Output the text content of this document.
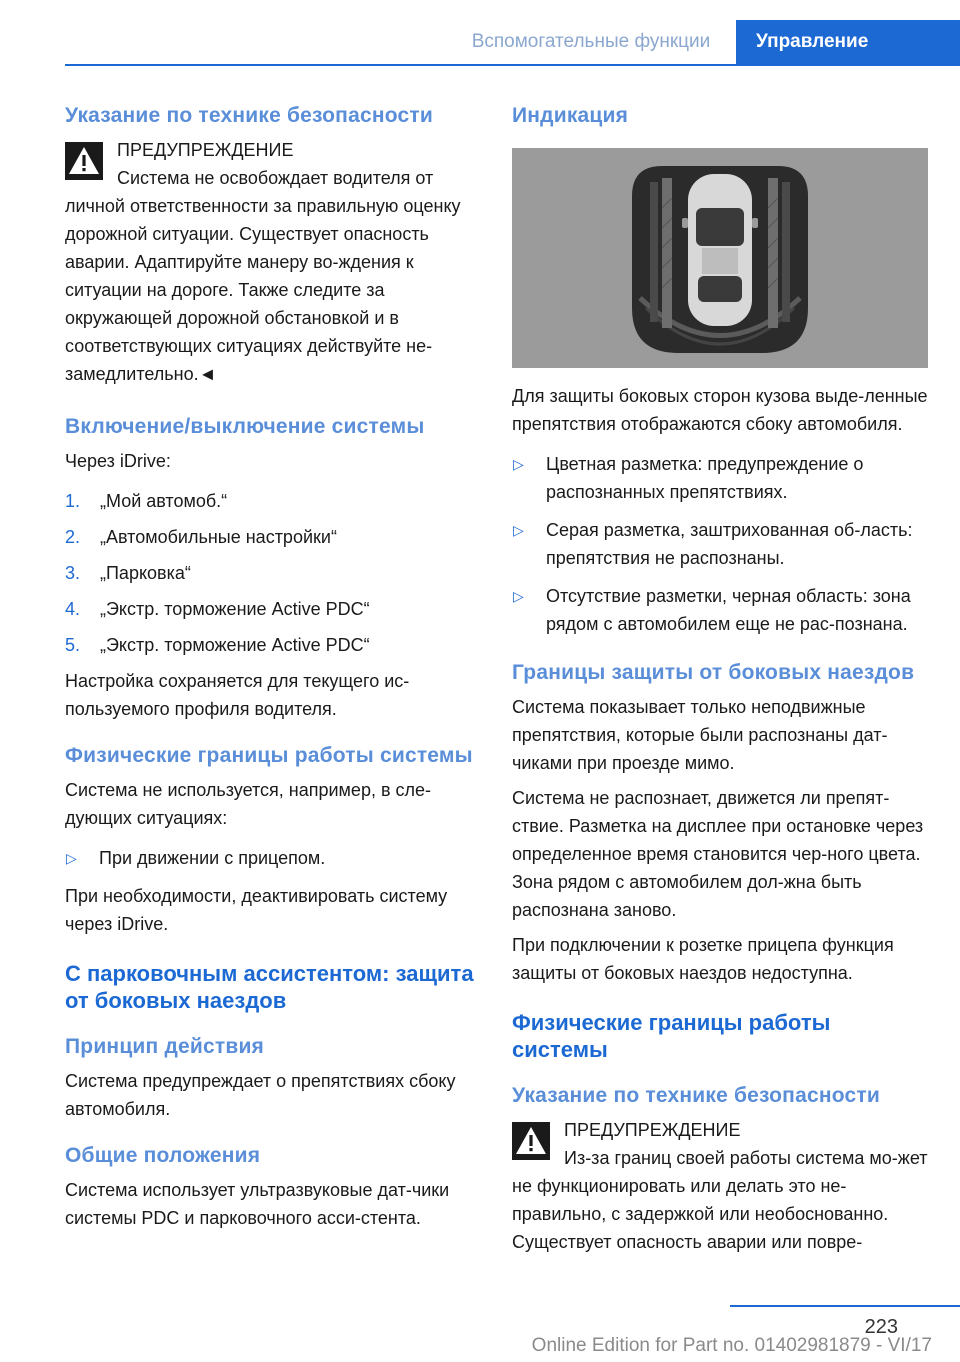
Вспомогательные функции	Управление
Указание по технике безопасности
ПРЕДУПРЕЖДЕНИЕ
Система не освобождает водителя от личной ответственности за правильную оценку дорожной ситуации. Существует опасность аварии. Адаптируйте манеру во-ждения к ситуации на дороге. Также следите за окружающей дорожной обстановкой и в соответствующих ситуациях действуйте не-замедлительно.◄
Включение/выключение системы
Через iDrive:
1. „Мой автомоб.“
2. „Автомобильные настройки“
3. „Парковка“
4. „Экстр. торможение Active PDC“
5. „Экстр. торможение Active PDC“
Настройка сохраняется для текущего ис-пользуемого профиля водителя.
Физические границы работы системы
Система не используется, например, в сле-дующих ситуациях:
▷ При движении с прицепом.
При необходимости, деактивировать систему через iDrive.
С парковочным ассистентом: защита от боковых наездов
Принцип действия
Система предупреждает о препятствиях сбоку автомобиля.
Общие положения
Система использует ультразвуковые дат-чики системы PDC и парковочного асси-стента.
Индикация
Для защиты боковых сторон кузова выде-ленные препятствия отображаются сбоку автомобиля.
▷ Цветная разметка: предупреждение о распознанных препятствиях.
▷ Серая разметка, заштрихованная об-ласть: препятствия не распознаны.
▷ Отсутствие разметки, черная область: зона рядом с автомобилем еще не рас-познана.
Границы защиты от боковых наездов
Система показывает только неподвижные препятствия, которые были распознаны дат-чиками при проезде мимо.
Система не распознает, движется ли препят-ствие. Разметка на дисплее при остановке через определенное время становится чер-ного цвета. Зона рядом с автомобилем дол-жна быть распознана заново.
При подключении к розетке прицепа функция защиты от боковых наездов недоступна.
Физические границы работы системы
Указание по технике безопасности
ПРЕДУПРЕЖДЕНИЕ
Из-за границ своей работы система мо-жет не функционировать или делать это не-правильно, с задержкой или необоснованно. Существует опасность аварии или повре-
223
Online Edition for Part no. 01402981879 - VI/17
